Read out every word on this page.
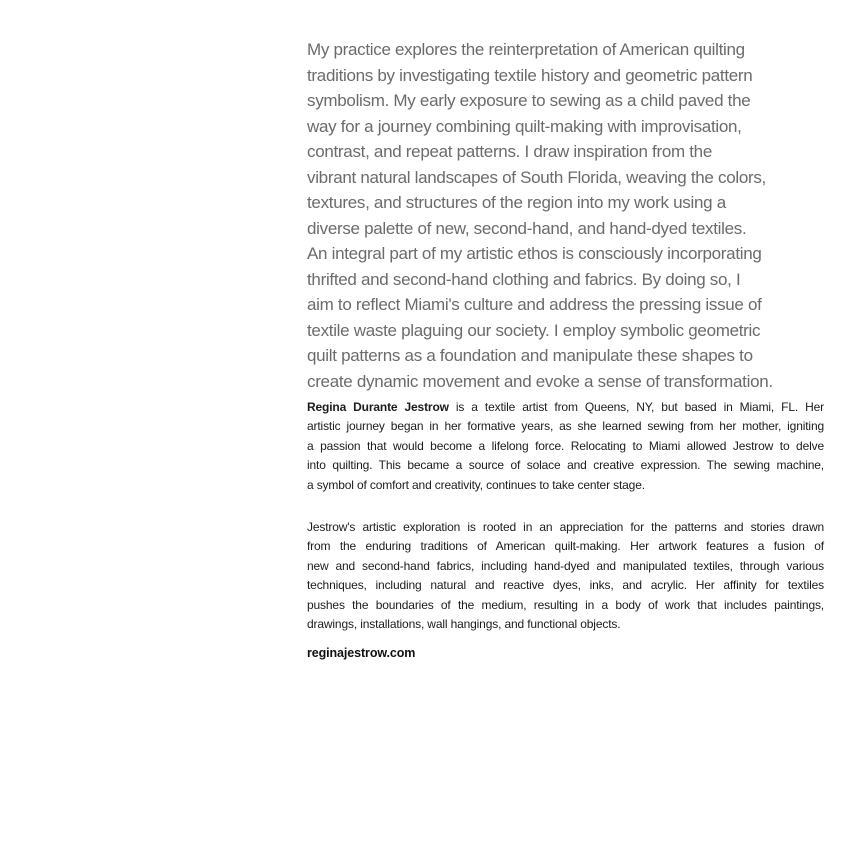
My practice explores the reinterpretation of American quilting
traditions by investigating textile history and geometric pattern
symbolism. My early exposure to sewing as a child paved the
way for a journey combining quilt-making with improvisation,
contrast, and repeat patterns. I draw inspiration from the
vibrant natural landscapes of South Florida, weaving the colors,
textures, and structures of the region into my work using a
diverse palette of new, second-hand, and hand-dyed textiles.
An integral part of my artistic ethos is consciously incorporating
thrifted and second-hand clothing and fabrics. By doing so, I
aim to reflect Miami's culture and address the pressing issue of
textile waste plaguing our society. I employ symbolic geometric
quilt patterns as a foundation and manipulate these shapes to
create dynamic movement and evoke a sense of transformation.
Regina Durante Jestrow is a textile artist from Queens, NY, but based in Miami, FL. Her
artistic journey began in her formative years, as she learned sewing from her mother, igniting
a passion that would become a lifelong force. Relocating to Miami allowed Jestrow to delve
into quilting. This became a source of solace and creative expression. The sewing machine,
a symbol of comfort and creativity, continues to take center stage.
Jestrow's artistic exploration is rooted in an appreciation for the patterns and stories drawn
from the enduring traditions of American quilt-making. Her artwork features a fusion of
new and second-hand fabrics, including hand-dyed and manipulated textiles, through various
techniques, including natural and reactive dyes, inks, and acrylic. Her affinity for textiles
pushes the boundaries of the medium, resulting in a body of work that includes paintings,
drawings, installations, wall hangings, and functional objects.
reginajestrow.com
